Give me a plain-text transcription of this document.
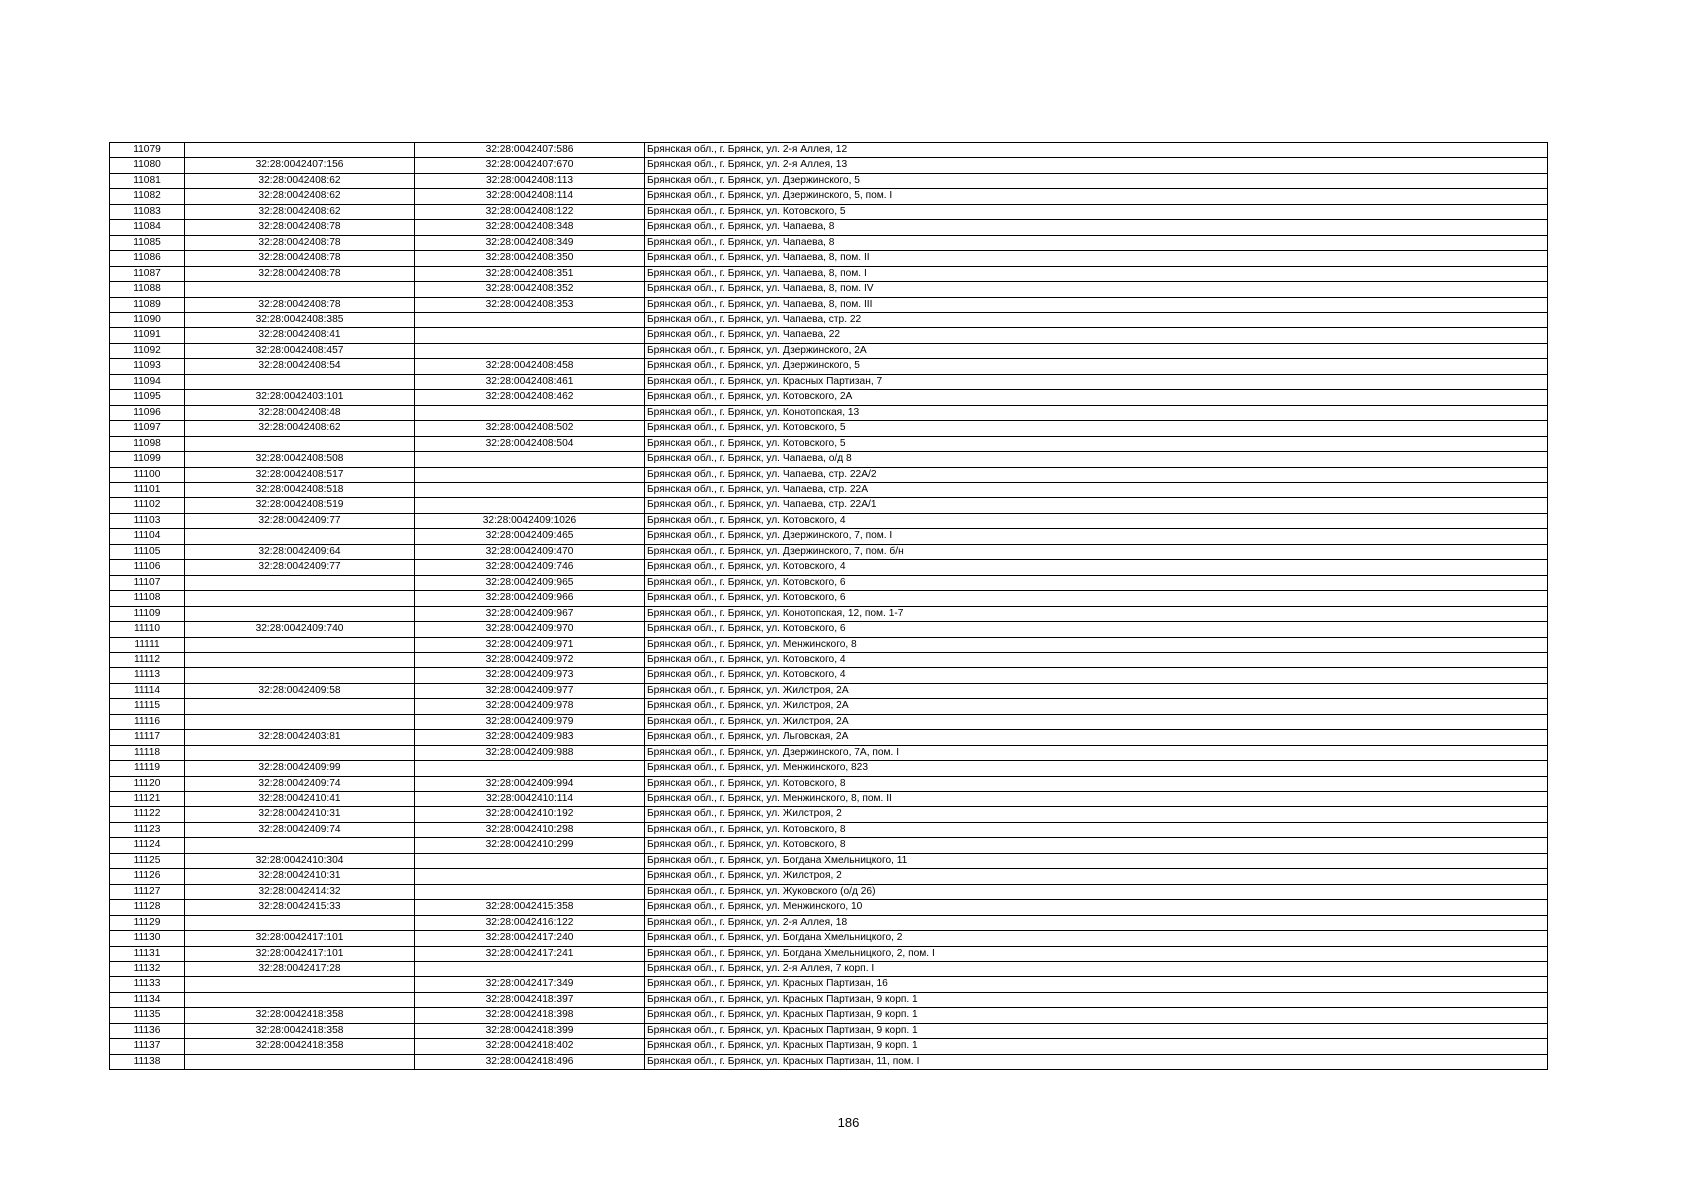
11079		32:28:0042407:586	Брянская обл., г. Брянск, ул. 2-я Аллея, 12
11080	32:28:0042407:156	32:28:0042407:670	Брянская обл., г. Брянск, ул. 2-я Аллея, 13
11081	32:28:0042408:62	32:28:0042408:113	Брянская обл., г. Брянск, ул. Дзержинского, 5
11082	32:28:0042408:62	32:28:0042408:114	Брянская обл., г. Брянск, ул. Дзержинского, 5, пом. I
11083	32:28:0042408:62	32:28:0042408:122	Брянская обл., г. Брянск, ул. Котовского, 5
11084	32:28:0042408:78	32:28:0042408:348	Брянская обл., г. Брянск, ул. Чапаева, 8
11085	32:28:0042408:78	32:28:0042408:349	Брянская обл., г. Брянск, ул. Чапаева, 8
11086	32:28:0042408:78	32:28:0042408:350	Брянская обл., г. Брянск, ул. Чапаева, 8, пом. II
11087	32:28:0042408:78	32:28:0042408:351	Брянская обл., г. Брянск, ул. Чапаева, 8, пом. I
11088		32:28:0042408:352	Брянская обл., г. Брянск, ул. Чапаева, 8, пом. IV
11089	32:28:0042408:78	32:28:0042408:353	Брянская обл., г. Брянск, ул. Чапаева, 8, пом. III
11090	32:28:0042408:385		Брянская обл., г. Брянск, ул. Чапаева, стр. 22
11091	32:28:0042408:41		Брянская обл., г. Брянск, ул. Чапаева, 22
11092	32:28:0042408:457		Брянская обл., г. Брянск, ул. Дзержинского, 2А
11093	32:28:0042408:54	32:28:0042408:458	Брянская обл., г. Брянск, ул. Дзержинского, 5
11094		32:28:0042408:461	Брянская обл., г. Брянск, ул. Красных Партизан, 7
11095	32:28:0042403:101	32:28:0042408:462	Брянская обл., г. Брянск, ул. Котовского, 2А
11096	32:28:0042408:48		Брянская обл., г. Брянск, ул. Конотопская, 13
11097	32:28:0042408:62	32:28:0042408:502	Брянская обл., г. Брянск, ул. Котовского, 5
11098		32:28:0042408:504	Брянская обл., г. Брянск, ул. Котовского, 5
11099	32:28:0042408:508		Брянская обл., г. Брянск, ул. Чапаева, о/д 8
11100	32:28:0042408:517		Брянская обл., г. Брянск, ул. Чапаева, стр. 22А/2
11101	32:28:0042408:518		Брянская обл., г. Брянск, ул. Чапаева, стр. 22А
11102	32:28:0042408:519		Брянская обл., г. Брянск, ул. Чапаева, стр. 22А/1
11103	32:28:0042409:77	32:28:0042409:1026	Брянская обл., г. Брянск, ул. Котовского, 4
11104		32:28:0042409:465	Брянская обл., г. Брянск, ул. Дзержинского, 7, пом. I
11105	32:28:0042409:64	32:28:0042409:470	Брянская обл., г. Брянск, ул. Дзержинского, 7, пом. б/н
11106	32:28:0042409:77	32:28:0042409:746	Брянская обл., г. Брянск, ул. Котовского, 4
11107		32:28:0042409:965	Брянская обл., г. Брянск, ул. Котовского, 6
11108		32:28:0042409:966	Брянская обл., г. Брянск, ул. Котовского, 6
11109		32:28:0042409:967	Брянская обл., г. Брянск, ул. Конотопская, 12, пом. 1-7
11110	32:28:0042409:740	32:28:0042409:970	Брянская обл., г. Брянск, ул. Котовского, 6
11111		32:28:0042409:971	Брянская обл., г. Брянск, ул. Менжинского, 8
11112		32:28:0042409:972	Брянская обл., г. Брянск, ул. Котовского, 4
11113		32:28:0042409:973	Брянская обл., г. Брянск, ул. Котовского, 4
11114	32:28:0042409:58	32:28:0042409:977	Брянская обл., г. Брянск, ул. Жилстроя, 2А
11115		32:28:0042409:978	Брянская обл., г. Брянск, ул. Жилстроя, 2А
11116		32:28:0042409:979	Брянская обл., г. Брянск, ул. Жилстроя, 2А
11117	32:28:0042403:81	32:28:0042409:983	Брянская обл., г. Брянск, ул. Льговская, 2А
11118		32:28:0042409:988	Брянская обл., г. Брянск, ул. Дзержинского, 7А, пом. I
11119	32:28:0042409:99		Брянская обл., г. Брянск, ул. Менжинского, 823
11120	32:28:0042409:74	32:28:0042409:994	Брянская обл., г. Брянск, ул. Котовского, 8
11121	32:28:0042410:41	32:28:0042410:114	Брянская обл., г. Брянск, ул. Менжинского, 8, пом. II
11122	32:28:0042410:31	32:28:0042410:192	Брянская обл., г. Брянск, ул. Жилстроя, 2
11123	32:28:0042409:74	32:28:0042410:298	Брянская обл., г. Брянск, ул. Котовского, 8
11124		32:28:0042410:299	Брянская обл., г. Брянск, ул. Котовского, 8
11125	32:28:0042410:304		Брянская обл., г. Брянск, ул. Богдана Хмельницкого, 11
11126	32:28:0042410:31		Брянская обл., г. Брянск, ул. Жилстроя, 2
11127	32:28:0042414:32		Брянская обл., г. Брянск, ул. Жуковского (о/д 26)
11128	32:28:0042415:33	32:28:0042415:358	Брянская обл., г. Брянск, ул. Менжинского, 10
11129		32:28:0042416:122	Брянская обл., г. Брянск, ул. 2-я Аллея, 18
11130	32:28:0042417:101	32:28:0042417:240	Брянская обл., г. Брянск, ул. Богдана Хмельницкого, 2
11131	32:28:0042417:101	32:28:0042417:241	Брянская обл., г. Брянск, ул. Богдана Хмельницкого, 2, пом. I
11132	32:28:0042417:28		Брянская обл., г. Брянск, ул. 2-я Аллея, 7 корп. I
11133		32:28:0042417:349	Брянская обл., г. Брянск, ул. Красных Партизан, 16
11134		32:28:0042418:397	Брянская обл., г. Брянск, ул. Красных Партизан, 9 корп. 1
11135	32:28:0042418:358	32:28:0042418:398	Брянская обл., г. Брянск, ул. Красных Партизан, 9 корп. 1
11136	32:28:0042418:358	32:28:0042418:399	Брянская обл., г. Брянск, ул. Красных Партизан, 9 корп. 1
11137	32:28:0042418:358	32:28:0042418:402	Брянская обл., г. Брянск, ул. Красных Партизан, 9 корп. 1
11138		32:28:0042418:496	Брянская обл., г. Брянск, ул. Красных Партизан, 11, пом. I
186
